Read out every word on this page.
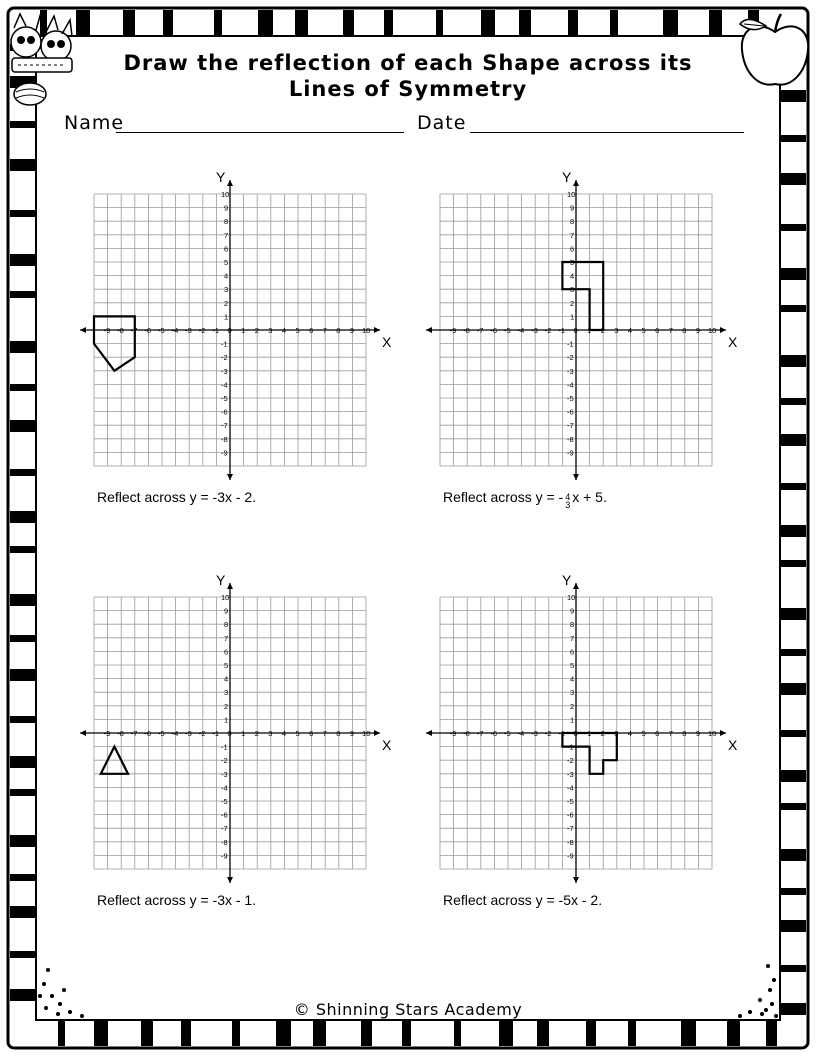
Draw the reflection of each Shape across its Lines of Symmetry
Name	Date
X
Y
-9 -8 -7 -6 -5 -4 -3 -2 -1 0 1 2 3 4 5 6 7 8 9 10
10
9
8
7
6
5
4
3
2
1
-1
-2
-3
-4
-5
-6
-7
-8
-9
X
Y
-9 -8 -7 -6 -5 -4 -3 -2 -1 0 1 2 3 4 5 6 7 8 9 10
10
9
8
7
6
5
4
3
2
1
-1
-2
-3
-4
-5
-6
-7
-8
-9
X
Y
-9 -8 -7 -6 -5 -4 -3 -2 -1 0 1 2 3 4 5 6 7 8 9 10
10
9
8
7
6
5
4
3
2
1
-1
-2
-3
-4
-5
-6
-7
-8
-9
X
Y
-9 -8 -7 -6 -5 -4 -3 -2 -1 0 1 2 3 4 5 6 7 8 9 10
10
9
8
7
6
5
4
3
2
1
-1
-2
-3
-4
-5
-6
-7
-8
-9
Reflect across y = -3x - 2.	Reflect across y = - 4
3 x + 5.
Reflect across y = -3x - 1.	Reflect across y = -5x - 2.
© Shinning Stars Academy
